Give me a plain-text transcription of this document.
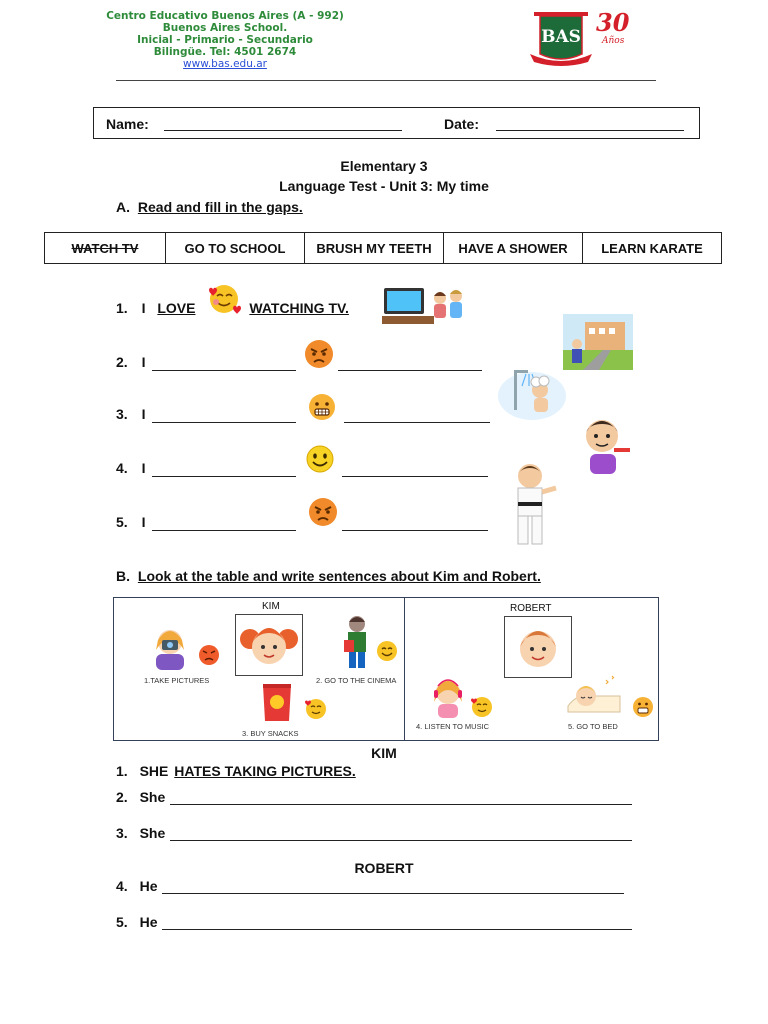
Centro Educativo Buenos Aires (A - 992)
Buenos Aires School.
Inicial - Primario - Secundario
Bilingüe. Tel: 4501 2674
www.bas.edu.ar
BAS 30
Años
Name:	Date:
Elementary 3
Language Test - Unit 3: My time
A. Read and fill in the gaps.
WATCH TV	GO TO SCHOOL	BRUSH MY TEETH	HAVE A SHOWER	LEARN KARATE
1. I LOVE	WATCHING TV.
2. I
3. I
4. I
5. I
B. Look at the table and write sentences about Kim and Robert.
KIM	ROBERT
1.TAKE PICTURES	2. GO TO THE CINEMA
3. BUY SNACKS
4. LISTEN TO MUSIC	5. GO TO BED
KIM
1. SHE HATES TAKING PICTURES.
2. She
3. She
ROBERT
4. He
5. He
